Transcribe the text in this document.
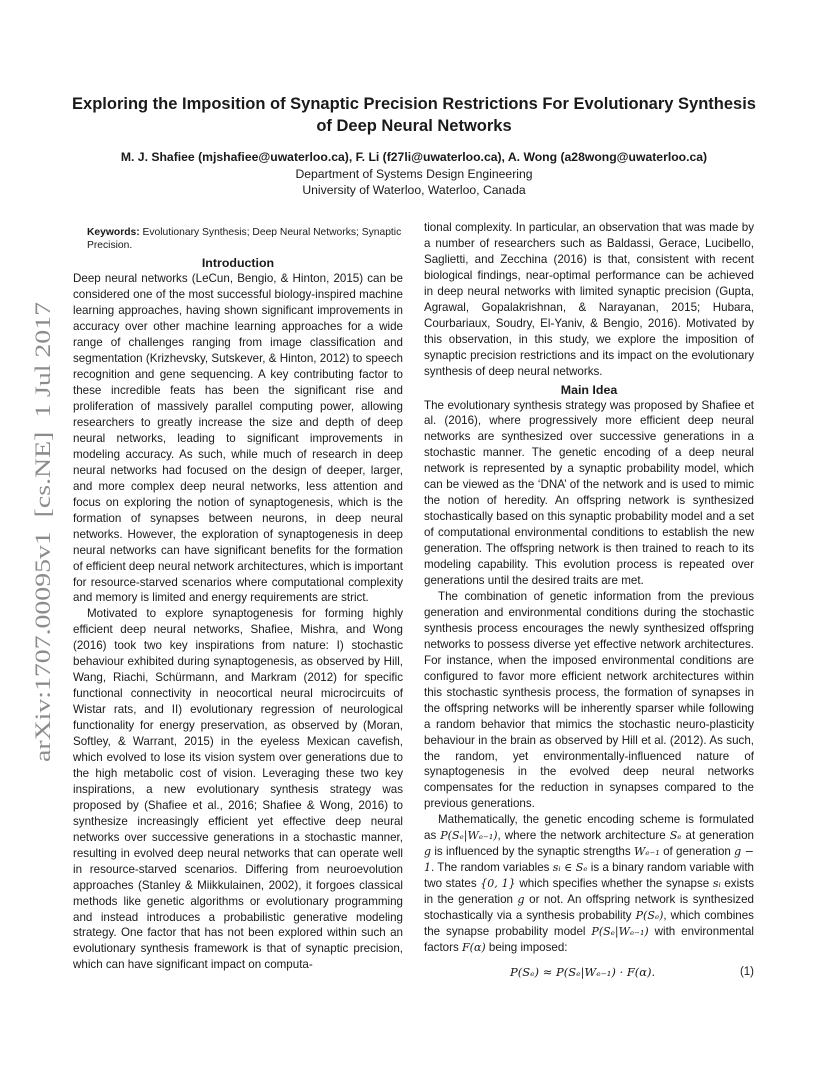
Exploring the Imposition of Synaptic Precision Restrictions For Evolutionary Synthesis of Deep Neural Networks
M. J. Shafiee (mjshafiee@uwaterloo.ca), F. Li (f27li@uwaterloo.ca), A. Wong (a28wong@uwaterloo.ca)
Department of Systems Design Engineering
University of Waterloo, Waterloo, Canada
arXiv:1707.00095v1  [cs.NE]  1 Jul 2017
Keywords: Evolutionary Synthesis; Deep Neural Networks; Synaptic Precision.
Introduction

Deep neural networks (LeCun, Bengio, & Hinton, 2015) can be considered one of the most successful biology-inspired machine learning approaches, having shown significant improvements in accuracy over other machine learning approaches for a wide range of challenges ranging from image classification and segmentation (Krizhevsky, Sutskever, & Hinton, 2012) to speech recognition and gene sequencing. A key contributing factor to these incredible feats has been the significant rise and proliferation of massively parallel computing power, allowing researchers to greatly increase the size and depth of deep neural networks, leading to significant improvements in modeling accuracy. As such, while much of research in deep neural networks had focused on the design of deeper, larger, and more complex deep neural networks, less attention and focus on exploring the notion of synaptogenesis, which is the formation of synapses between neurons, in deep neural networks. However, the exploration of synaptogenesis in deep neural networks can have significant benefits for the formation of efficient deep neural network architectures, which is important for resource-starved scenarios where computational complexity and memory is limited and energy requirements are strict.

Motivated to explore synaptogenesis for forming highly efficient deep neural networks, Shafiee, Mishra, and Wong (2016) took two key inspirations from nature: I) stochastic behaviour exhibited during synaptogenesis, as observed by Hill, Wang, Riachi, Schürmann, and Markram (2012) for specific functional connectivity in neocortical neural microcircuits of Wistar rats, and II) evolutionary regression of neurological functionality for energy preservation, as observed by (Moran, Softley, & Warrant, 2015) in the eyeless Mexican cavefish, which evolved to lose its vision system over generations due to the high metabolic cost of vision. Leveraging these two key inspirations, a new evolutionary synthesis strategy was proposed by (Shafiee et al., 2016; Shafiee & Wong, 2016) to synthesize increasingly efficient yet effective deep neural networks over successive generations in a stochastic manner, resulting in evolved deep neural networks that can operate well in resource-starved scenarios. Differing from neuroevolution approaches (Stanley & Miikkulainen, 2002), it forgoes classical methods like genetic algorithms or evolutionary programming and instead introduces a probabilistic generative modeling strategy. One factor that has not been explored within such an evolutionary synthesis framework is that of synaptic precision, which can have significant impact on computa-

tional complexity. In particular, an observation that was made by a number of researchers such as Baldassi, Gerace, Lucibello, Saglietti, and Zecchina (2016) is that, consistent with recent biological findings, near-optimal performance can be achieved in deep neural networks with limited synaptic precision (Gupta, Agrawal, Gopalakrishnan, & Narayanan, 2015; Hubara, Courbariaux, Soudry, El-Yaniv, & Bengio, 2016). Motivated by this observation, in this study, we explore the imposition of synaptic precision restrictions and its impact on the evolutionary synthesis of deep neural networks.

Main Idea

The evolutionary synthesis strategy was proposed by Shafiee et al. (2016), where progressively more efficient deep neural networks are synthesized over successive generations in a stochastic manner. The genetic encoding of a deep neural network is represented by a synaptic probability model, which can be viewed as the ‘DNA’ of the network and is used to mimic the notion of heredity. An offspring network is synthesized stochastically based on this synaptic probability model and a set of computational environmental conditions to establish the new generation. The offspring network is then trained to reach to its modeling capability. This evolution process is repeated over generations until the desired traits are met.

The combination of genetic information from the previous generation and environmental conditions during the stochastic synthesis process encourages the newly synthesized offspring networks to possess diverse yet effective network architectures. For instance, when the imposed environmental conditions are configured to favor more efficient network architectures within this stochastic synthesis process, the formation of synapses in the offspring networks will be inherently sparser while following a random behavior that mimics the stochastic neuro-plasticity behaviour in the brain as observed by Hill et al. (2012). As such, the random, yet environmentally-influenced nature of synaptogenesis in the evolved deep neural networks compensates for the reduction in synapses compared to the previous generations.

Mathematically, the genetic encoding scheme is formulated as P(Sₑ|Wₑ₋₁), where the network architecture Sₑ at generation g is influenced by the synaptic strengths Wₑ₋₁ of generation g − 1. The random variables sᵢ ∈ Sₑ is a binary random variable with two states {0, 1} which specifies whether the synapse sᵢ exists in the generation g or not. An offspring network is synthesized stochastically via a synthesis probability P(Sₑ), which combines the synapse probability model P(Sₑ|Wₑ₋₁) with environmental factors F(α) being imposed:

P(Sₑ) ≈ P(Sₑ|Wₑ₋₁) · F(α).	(1)
